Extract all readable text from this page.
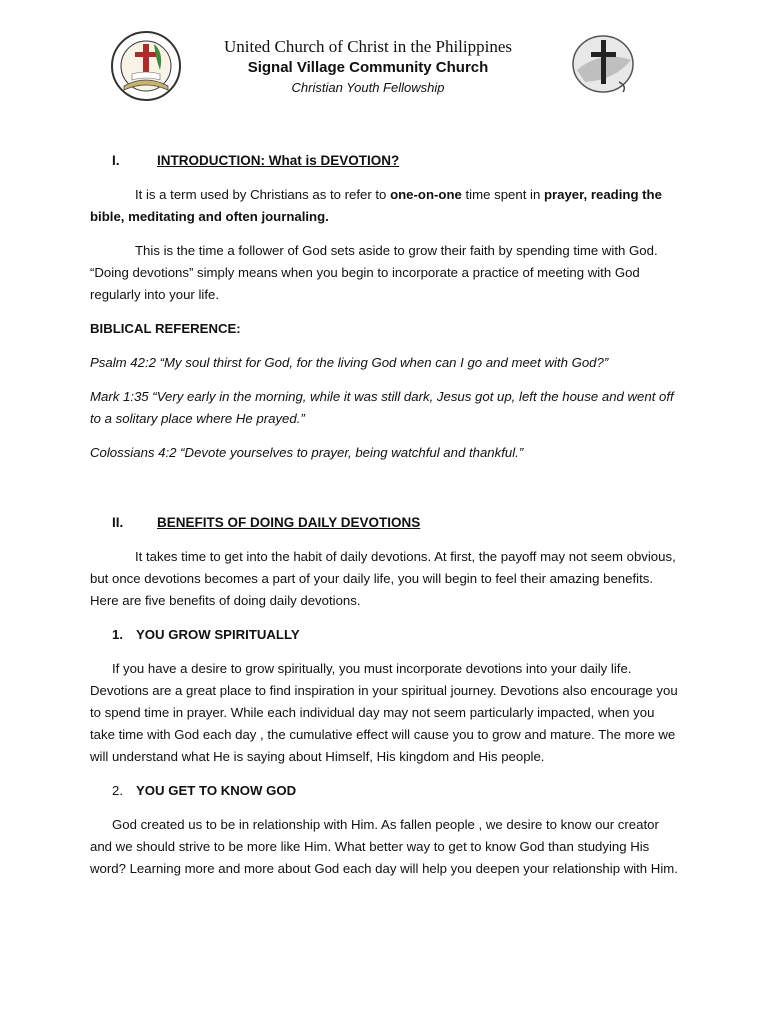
United Church of Christ in the Philippines
Signal Village Community Church
Christian Youth Fellowship
I.	INTRODUCTION: What is DEVOTION?

It is a term used by Christians as to refer to one-on-one time spent in prayer, reading the bible, meditating and often journaling.

This is the time a follower of God sets aside to grow their faith by spending time with God. “Doing devotions” simply means when you begin to incorporate a practice of meeting with God regularly into your life.

BIBLICAL REFERENCE:

Psalm 42:2 “My soul thirst for God, for the living God when can I go and meet with God?”

Mark 1:35 “Very early in the morning, while it was still dark, Jesus got up, left the house and went off to a solitary place where He prayed.”

Colossians 4:2 “Devote yourselves to prayer, being watchful and thankful.”

II.	BENEFITS OF DOING DAILY DEVOTIONS

It takes time to get into the habit of daily devotions. At first, the payoff may not seem obvious, but once devotions becomes a part of your daily life, you will begin to feel their amazing benefits. Here are five benefits of doing daily devotions.

1. YOU GROW SPIRITUALLY

If you have a desire to grow spiritually, you must incorporate devotions into your daily life. Devotions are a great place to find inspiration in your spiritual journey. Devotions also encourage you to spend time in prayer. While each individual day may not seem particularly impacted, when you take time with God each day , the cumulative effect will cause you to grow and mature. The more we will understand what He is saying about Himself, His kingdom and His people.

2. YOU GET TO KNOW GOD

God created us to be in relationship with Him. As fallen people , we desire to know our creator and we should strive to be more like Him. What better way to get to know God than studying His word? Learning more and more about God each day will help you deepen your relationship with Him.
